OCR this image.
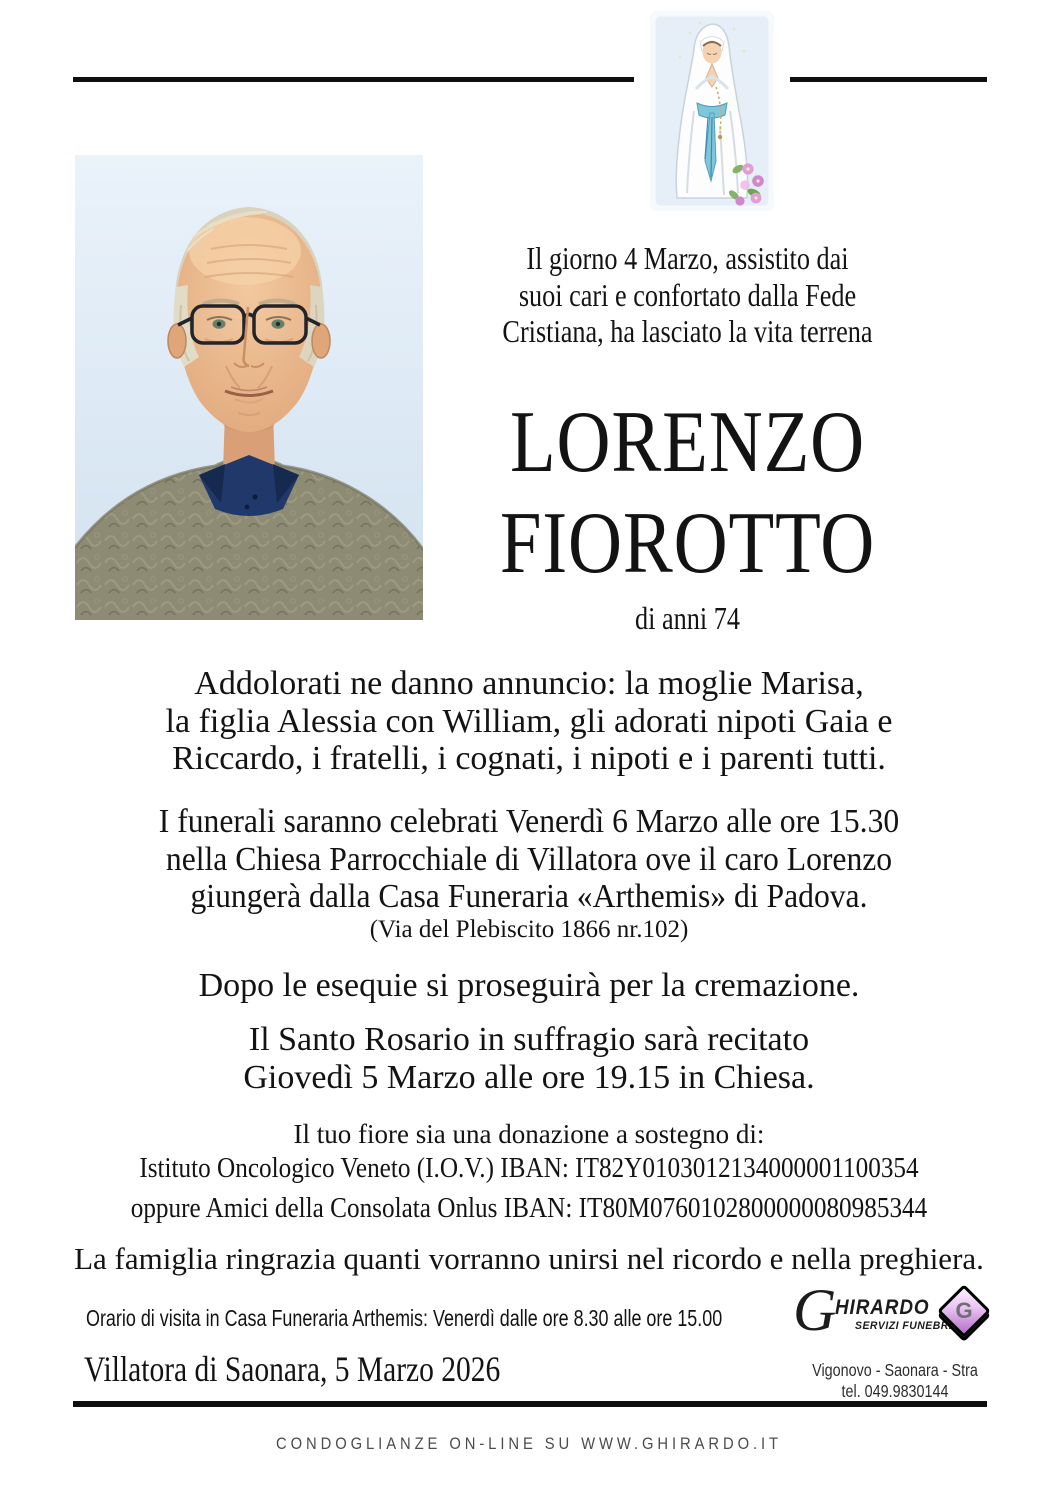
Il giorno 4 Marzo, assistito dai
suoi cari e confortato dalla Fede
Cristiana, ha lasciato la vita terrena
LORENZO
FIOROTTO
di anni 74
Addolorati ne danno annuncio: la moglie Marisa,
la figlia Alessia con William, gli adorati nipoti Gaia e
Riccardo, i fratelli, i cognati, i nipoti e i parenti tutti.
I funerali saranno celebrati Venerdì 6 Marzo alle ore 15.30
nella Chiesa Parrocchiale di Villatora ove il caro Lorenzo
giungerà dalla Casa Funeraria «Arthemis» di Padova.
(Via del Plebiscito 1866 nr.102)
Dopo le esequie si proseguirà per la cremazione.
Il Santo Rosario in suffragio sarà recitato
Giovedì 5 Marzo alle ore 19.15 in Chiesa.
Il tuo fiore sia una donazione a sostegno di:
Istituto Oncologico Veneto (I.O.V.) IBAN: IT82Y0103012134000001100354
oppure Amici della Consolata Onlus IBAN: IT80M0760102800000080985344
La famiglia ringrazia quanti vorranno unirsi nel ricordo e nella preghiera.
Orario di visita in Casa Funeraria Arthemis: Venerdì dalle ore 8.30 alle ore 15.00
Villatora di Saonara, 5 Marzo 2026
G
HIRARDO
SERVIZI FUNEBRI
G
Vigonovo - Saonara - Stra
tel. 049.9830144
CONDOGLIANZE ON-LINE SU WWW.GHIRARDO.IT
